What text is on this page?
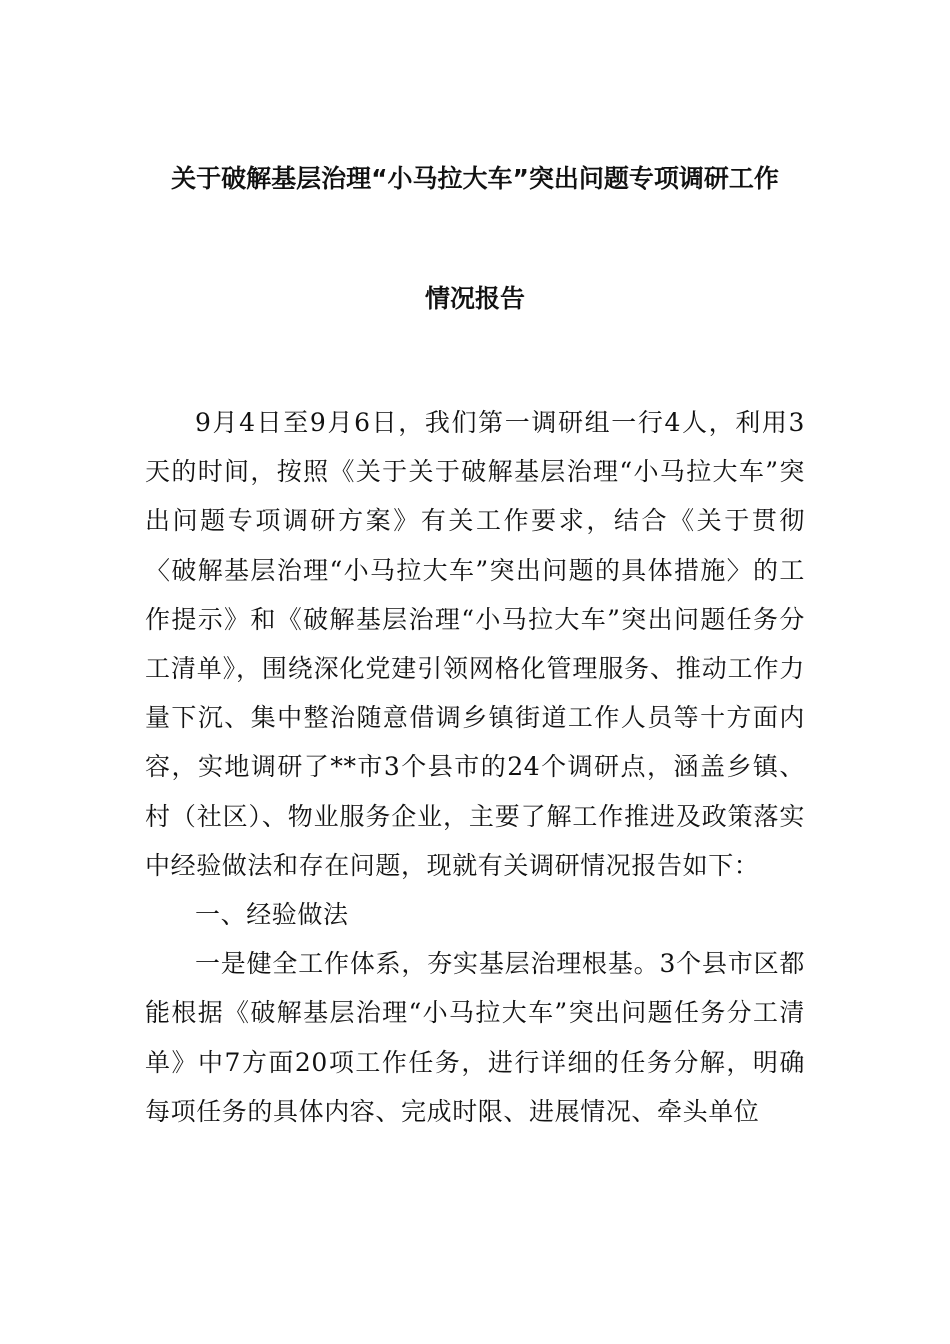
关于破解基层治理“小马拉大车”突出问题专项调研工作
情况报告

9月4日至9月6日，我们第一调研组一行4人，利用3天的时间，按照《关于关于破解基层治理“小马拉大车”突出问题专项调研方案》有关工作要求，结合《关于贯彻〈破解基层治理“小马拉大车”突出问题的具体措施〉的工作提示》和《破解基层治理“小马拉大车”突出问题任务分工清单》，围绕深化党建引领网格化管理服务、推动工作力量下沉、集中整治随意借调乡镇街道工作人员等十方面内容，实地调研了**市3个县市的24个调研点，涵盖乡镇、村（社区）、物业服务企业，主要了解工作推进及政策落实中经验做法和存在问题，现就有关调研情况报告如下：

一、经验做法

一是健全工作体系，夯实基层治理根基。3个县市区都能根据《破解基层治理“小马拉大车”突出问题任务分工清单》中7方面20项工作任务，进行详细的任务分解，明确每项任务的具体内容、完成时限、进展情况、牵头单位
